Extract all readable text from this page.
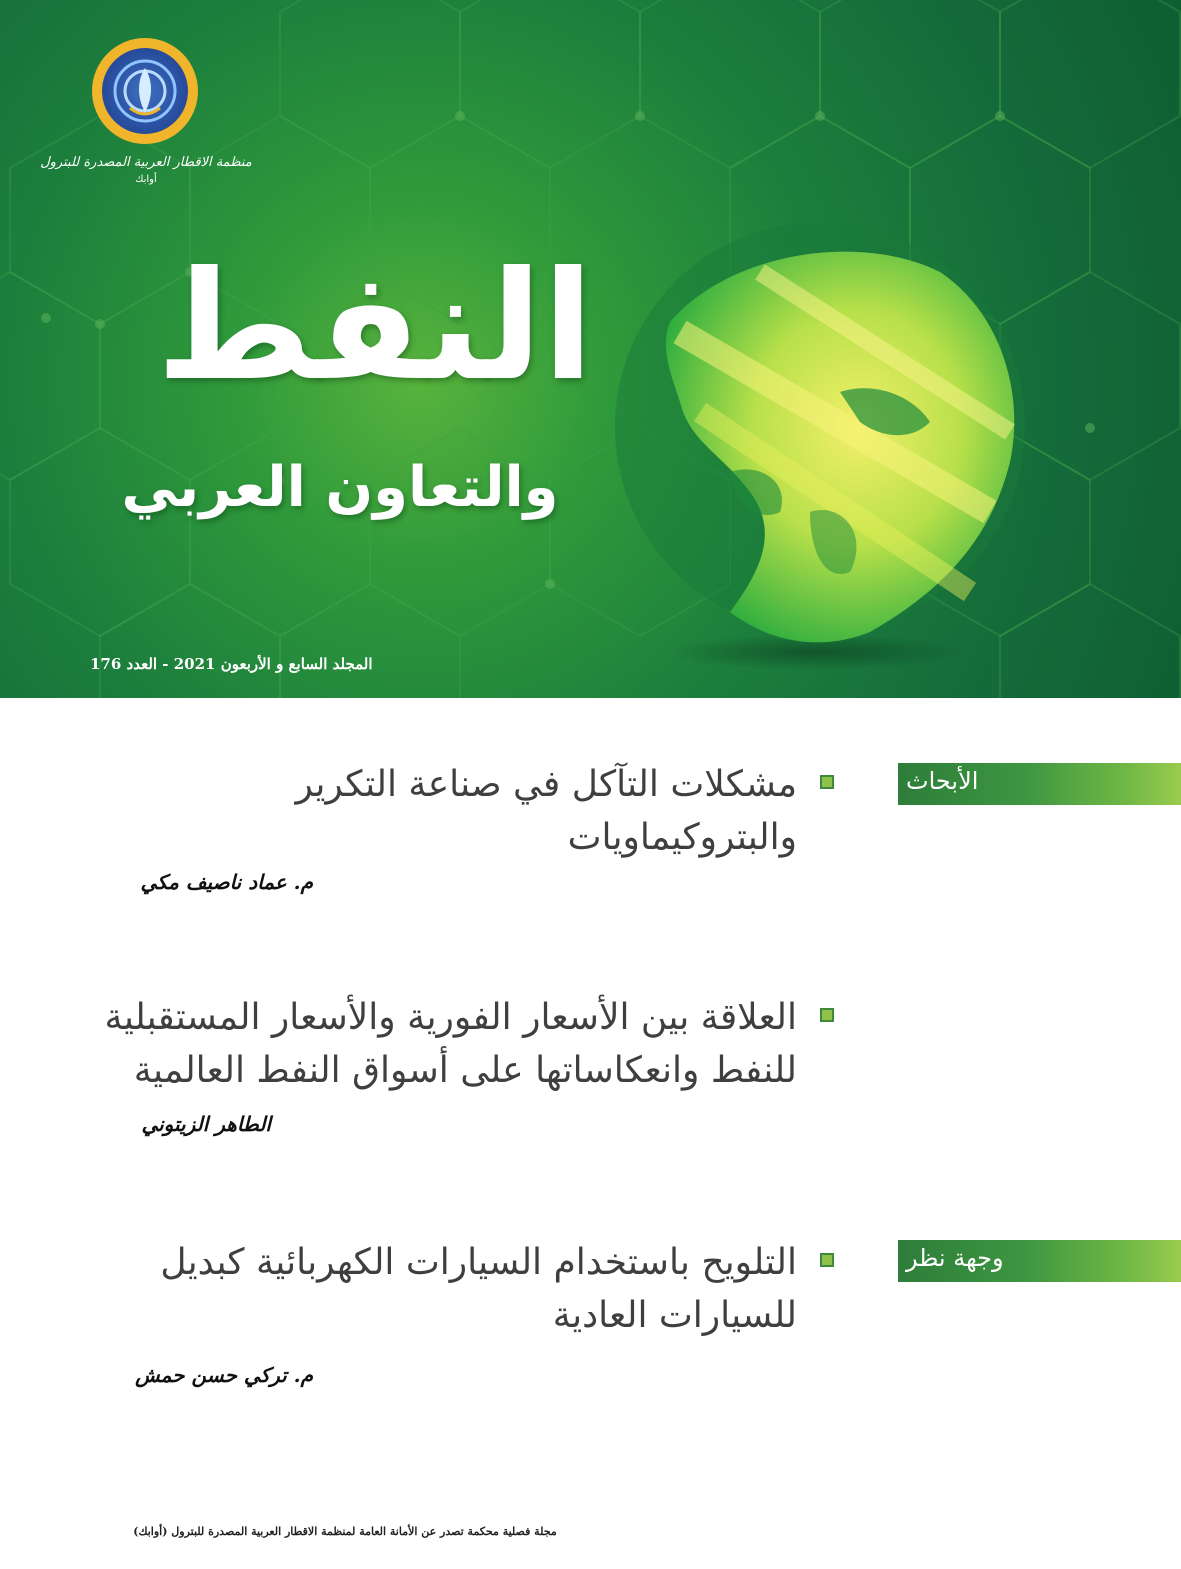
منظمة الاقطار العربية المصدرة للبترول
أوابك
النفط
والتعاون العربي
المجلد السابع و الأربعون 2021 - العدد 176
الأبحاث
وجهة نظر
مشكلات التآكل في صناعة التكرير والبتروكيماويات
م. عماد ناصيف مكي
العلاقة بين الأسعار الفورية والأسعار المستقبلية للنفط وانعكاساتها على أسواق النفط العالمية
الطاهر الزيتوني
التلويح باستخدام السيارات الكهربائية كبديل للسيارات العادية
م. تركي حسن حمش
مجلة فصلية محكمة تصدر عن الأمانة العامة لمنظمة الاقطار العربية المصدرة للبترول (أوابك)
